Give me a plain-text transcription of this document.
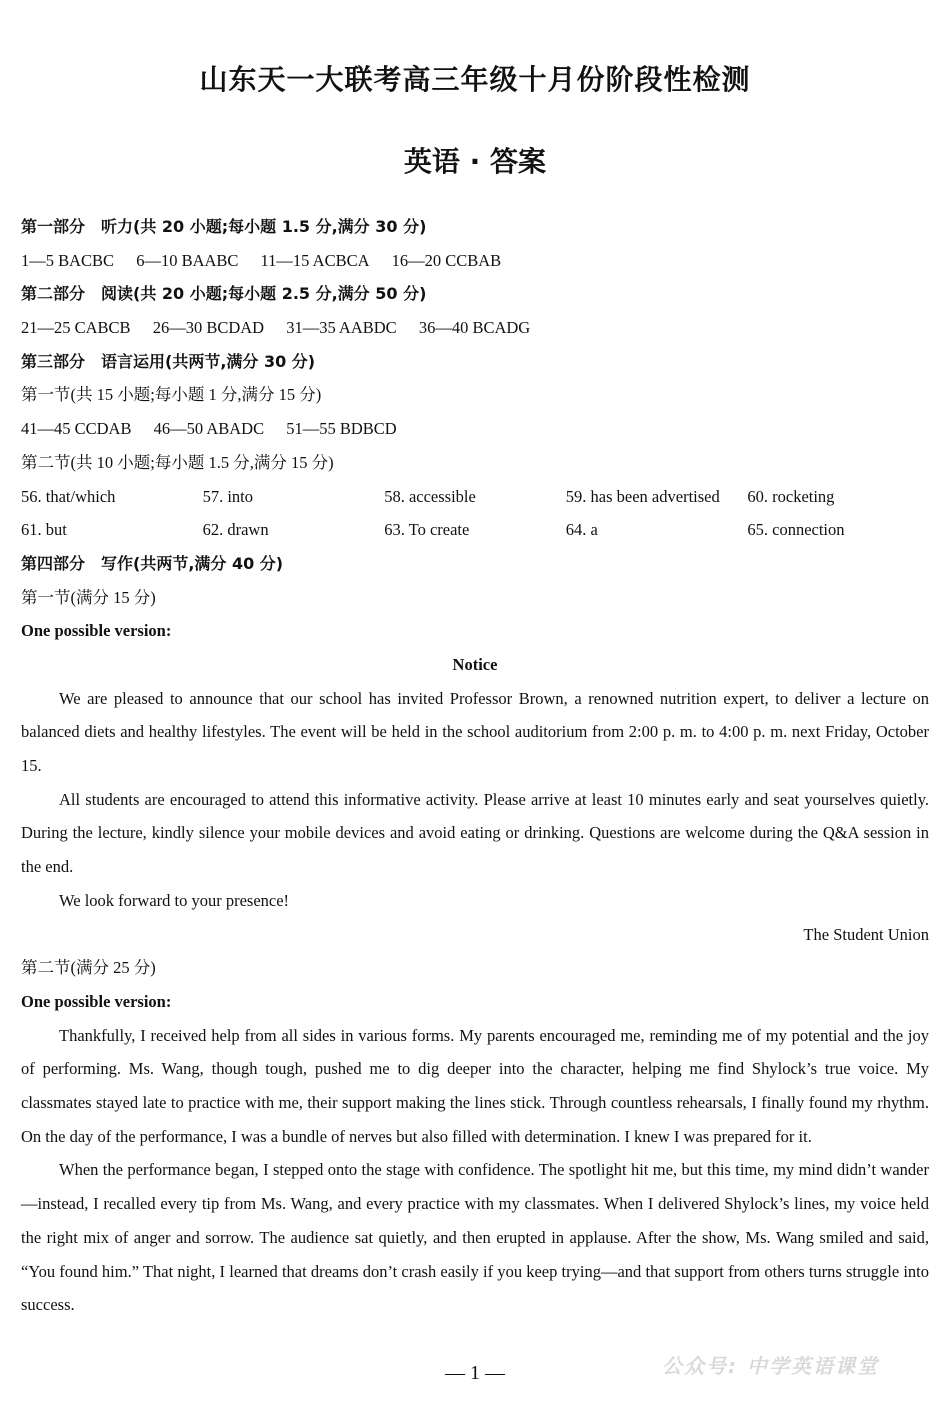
山东天一大联考高三年级十月份阶段性检测
英语 · 答案
第一部分　听力(共 20 小题;每小题 1.5 分,满分 30 分)
1—5 BACBC 6—10 BAABC 11—15 ACBCA 16—20 CCBAB
第二部分　阅读(共 20 小题;每小题 2.5 分,满分 50 分)
21—25 CABCB 26—30 BCDAD 31—35 AABDC 36—40 BCADG
第三部分　语言运用(共两节,满分 30 分)
第一节(共 15 小题;每小题 1 分,满分 15 分)
41—45 CCDAB 46—50 ABADC 51—55 BDBCD
第二节(共 10 小题;每小题 1.5 分,满分 15 分)
56. that/which	57. into	58. accessible	59. has been advertised	60. rocketing
61. but	62. drawn	63. To create	64. a	65. connection
第四部分　写作(共两节,满分 40 分)
第一节(满分 15 分)
One possible version:
Notice

We are pleased to announce that our school has invited Professor Brown, a renowned nutrition expert, to deliver a lecture on balanced diets and healthy lifestyles. The event will be held in the school auditorium from 2:00 p. m. to 4:00 p. m. next Friday, October 15.

All students are encouraged to attend this informative activity. Please arrive at least 10 minutes early and seat yourselves quietly. During the lecture, kindly silence your mobile devices and avoid eating or drinking. Questions are welcome during the Q&A session in the end.

We look forward to your presence!

The Student Union
第二节(满分 25 分)
One possible version:

Thankfully, I received help from all sides in various forms. My parents encouraged me, reminding me of my potential and the joy of performing. Ms. Wang, though tough, pushed me to dig deeper into the character, helping me find Shylock’s true voice. My classmates stayed late to practice with me, their support making the lines stick. Through countless rehearsals, I finally found my rhythm. On the day of the performance, I was a bundle of nerves but also filled with determination. I knew I was prepared for it.

When the performance began, I stepped onto the stage with confidence. The spotlight hit me, but this time, my mind didn’t wander—instead, I recalled every tip from Ms. Wang, and every practice with my classmates. When I delivered Shylock’s lines, my voice held the right mix of anger and sorrow. The audience sat quietly, and then erupted in applause. After the show, Ms. Wang smiled and said, “You found him.” That night, I learned that dreams don’t crash easily if you keep trying—and that support from others turns struggle into success.

— 1 —	公众号: 中学英语课堂
